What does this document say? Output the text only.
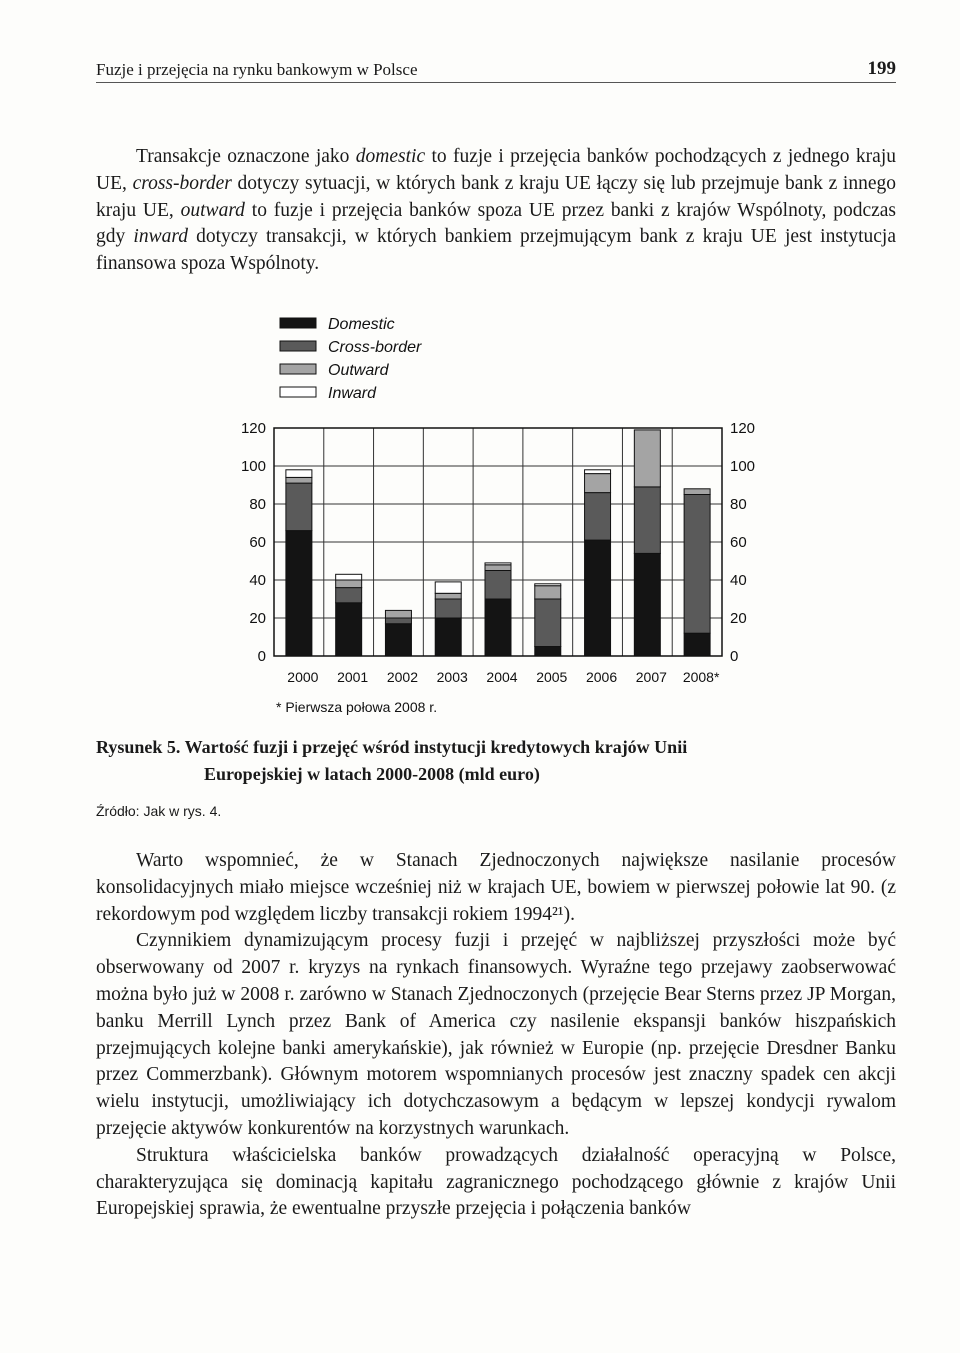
Fuzje i przejęcia na rynku bankowym w Polsce	199

Transakcje oznaczone jako domestic to fuzje i przejęcia banków pochodzących z jednego kraju UE, cross-border dotyczy sytuacji, w których bank z kraju UE łączy się lub przejmuje bank z innego kraju UE, outward to fuzje i przejęcia banków spoza UE przez banki z krajów Wspólnoty, podczas gdy inward dotyczy transakcji, w których bankiem przejmującym bank z kraju UE jest instytucja finansowa spoza Wspólnoty.

Domestic
Cross-border
Outward
Inward
0	0
20	20
40	40
60	60
80	80
100	100
120	120
2000 2001 2002 2003 2004 2005 2006 2007 2008*
* Pierwsza połowa 2008 r.
Rysunek 5. Wartość fuzji i przejęć wśród instytucji kredytowych krajów Unii
Europejskiej w latach 2000-2008 (mld euro)
Źródło: Jak w rys. 4.

Warto wspomnieć, że w Stanach Zjednoczonych największe nasilanie procesów konsolidacyjnych miało miejsce wcześniej niż w krajach UE, bowiem w pierwszej połowie lat 90. (z rekordowym pod względem liczby transakcji rokiem 1994²¹).

Czynnikiem dynamizującym procesy fuzji i przejęć w najbliższej przyszłości może być obserwowany od 2007 r. kryzys na rynkach finansowych. Wyraźne tego przejawy zaobserwować można było już w 2008 r. zarówno w Stanach Zjednoczonych (przejęcie Bear Sterns przez JP Morgan, banku Merrill Lynch przez Bank of America czy nasilenie ekspansji banków hiszpańskich przejmujących kolejne banki amerykańskie), jak również w Europie (np. przejęcie Dresdner Banku przez Commerzbank). Głównym motorem wspomnianych procesów jest znaczny spadek cen akcji wielu instytucji, umożliwiający ich dotychczasowym a będącym w lepszej kondycji rywalom przejęcie aktywów konkurentów na korzystnych warunkach.

Struktura właścicielska banków prowadzących działalność operacyjną w Polsce, charakteryzująca się dominacją kapitału zagranicznego pochodzącego głównie z krajów Unii Europejskiej sprawia, że ewentualne przyszłe przejęcia i połączenia banków
